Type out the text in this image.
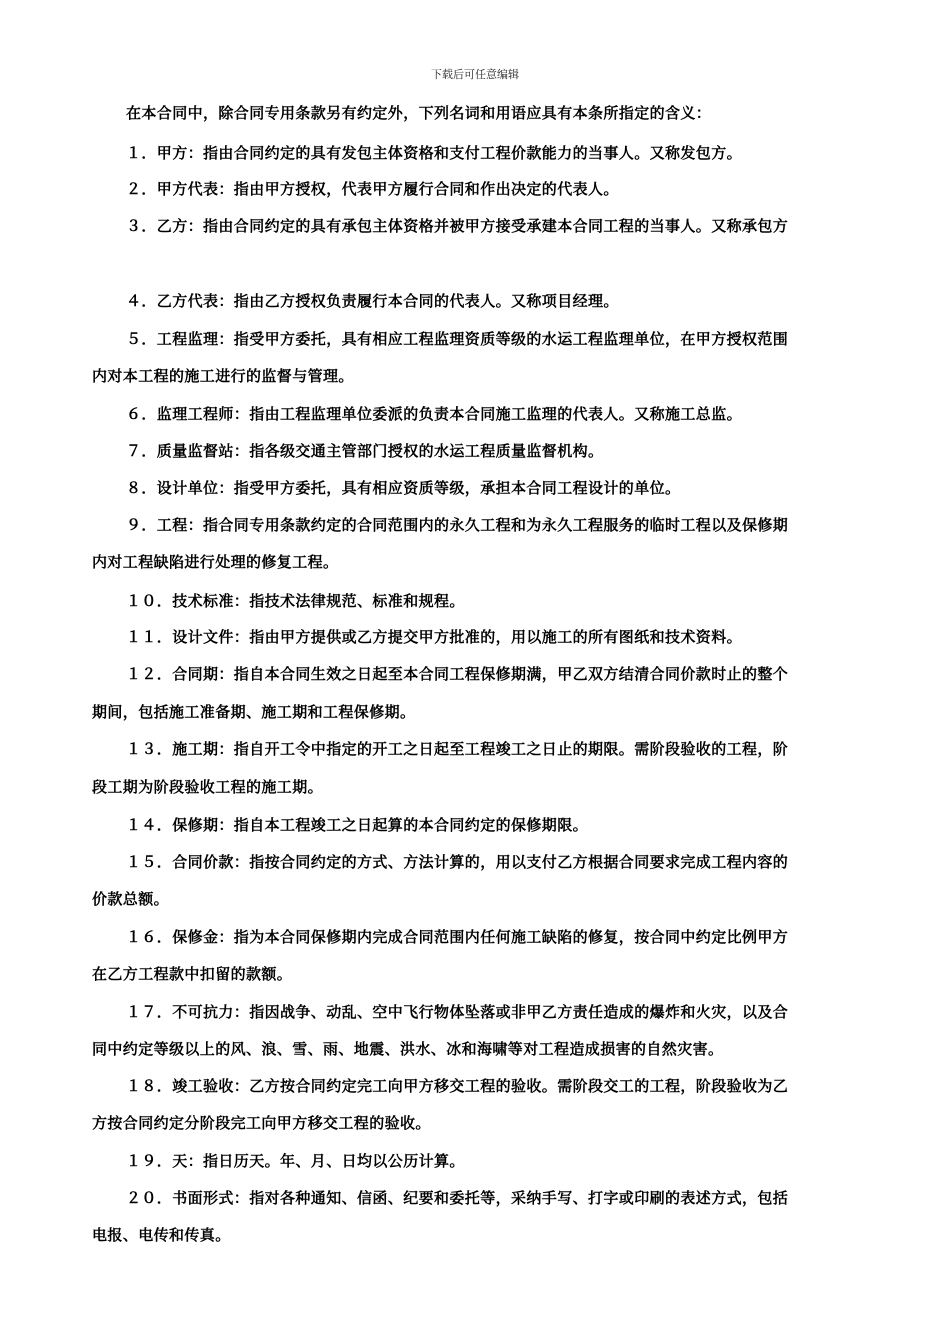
下载后可任意编辑
在本合同中，除合同专用条款另有约定外，下列名词和用语应具有本条所指定的含义：
１．甲方：指由合同约定的具有发包主体资格和支付工程价款能力的当事人。又称发包方。
２．甲方代表：指由甲方授权，代表甲方履行合同和作出决定的代表人。
３．乙方：指由合同约定的具有承包主体资格并被甲方接受承建本合同工程的当事人。又称承包方
４．乙方代表：指由乙方授权负责履行本合同的代表人。又称项目经理。
５．工程监理：指受甲方委托，具有相应工程监理资质等级的水运工程监理单位，在甲方授权范围
内对本工程的施工进行的监督与管理。
６．监理工程师：指由工程监理单位委派的负责本合同施工监理的代表人。又称施工总监。
７．质量监督站：指各级交通主管部门授权的水运工程质量监督机构。
８．设计单位：指受甲方委托，具有相应资质等级，承担本合同工程设计的单位。
９．工程：指合同专用条款约定的合同范围内的永久工程和为永久工程服务的临时工程以及保修期
内对工程缺陷进行处理的修复工程。
１０．技术标准：指技术法律规范、标准和规程。
１１．设计文件：指由甲方提供或乙方提交甲方批准的，用以施工的所有图纸和技术资料。
１２．合同期：指自本合同生效之日起至本合同工程保修期满，甲乙双方结清合同价款时止的整个
期间，包括施工准备期、施工期和工程保修期。
１３．施工期：指自开工令中指定的开工之日起至工程竣工之日止的期限。需阶段验收的工程，阶
段工期为阶段验收工程的施工期。
１４．保修期：指自本工程竣工之日起算的本合同约定的保修期限。
１５．合同价款：指按合同约定的方式、方法计算的，用以支付乙方根据合同要求完成工程内容的
价款总额。
１６．保修金：指为本合同保修期内完成合同范围内任何施工缺陷的修复，按合同中约定比例甲方
在乙方工程款中扣留的款额。
１７．不可抗力：指因战争、动乱、空中飞行物体坠落或非甲乙方责任造成的爆炸和火灾，以及合
同中约定等级以上的风、浪、雪、雨、地震、洪水、冰和海啸等对工程造成损害的自然灾害。
１８．竣工验收：乙方按合同约定完工向甲方移交工程的验收。需阶段交工的工程，阶段验收为乙
方按合同约定分阶段完工向甲方移交工程的验收。
１９．天：指日历天。年、月、日均以公历计算。
２０．书面形式：指对各种通知、信函、纪要和委托等，采纳手写、打字或印刷的表述方式，包括
电报、电传和传真。
